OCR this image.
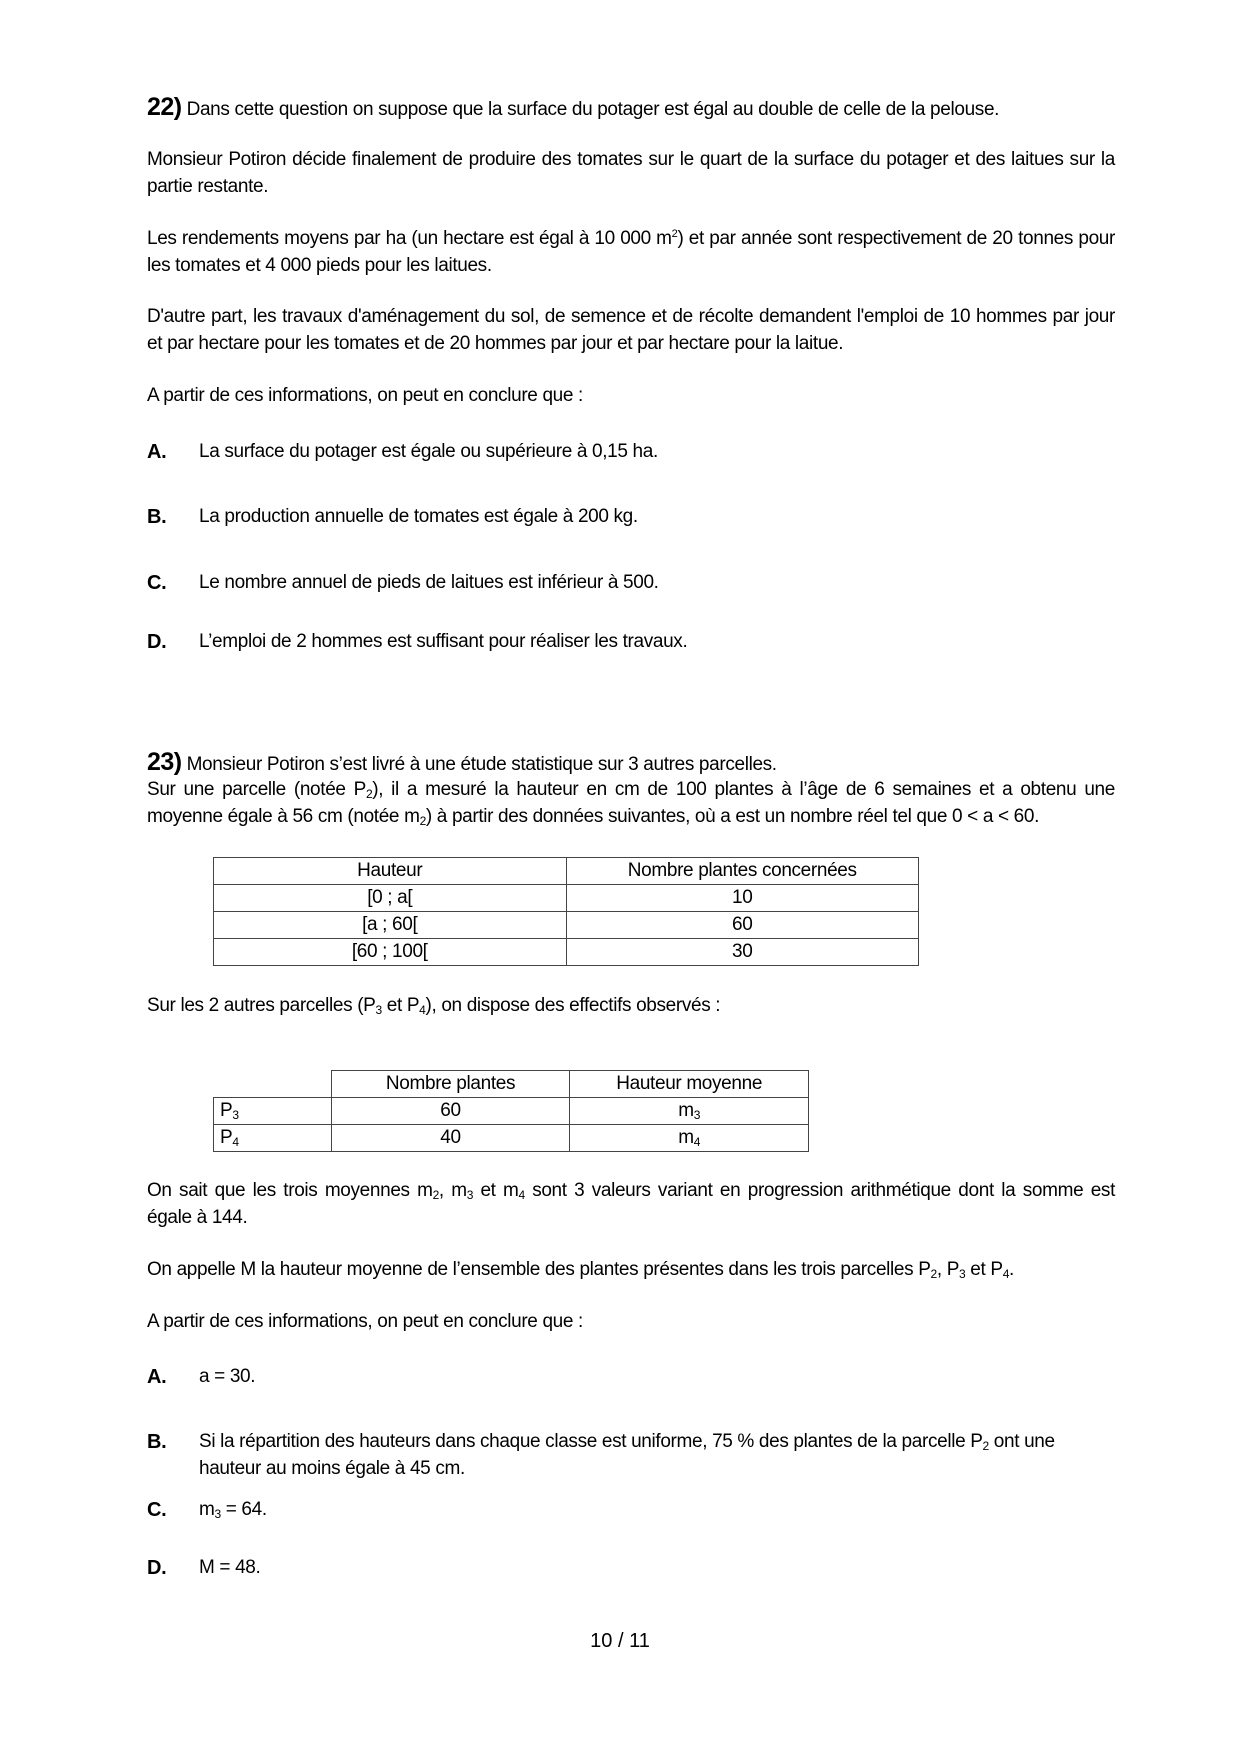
22) Dans cette question on suppose que la surface du potager est égal au double de celle de la pelouse.
Monsieur Potiron décide finalement de produire des tomates sur le quart de la surface du potager et des laitues sur la partie restante.
Les rendements moyens par ha (un hectare est égal à 10 000 $m^2$) et par année sont respectivement de 20 tonnes pour les tomates et 4 000 pieds pour les laitues.
D'autre part, les travaux d'aménagement du sol, de semence et de récolte demandent l'emploi de 10 hommes par jour et par hectare pour les tomates et de 20 hommes par jour et par hectare pour la laitue.
A partir de ces informations, on peut en conclure que :
A. La surface du potager est égale ou supérieure à 0,15 ha.
B. La production annuelle de tomates est égale à 200 kg.
C. Le nombre annuel de pieds de laitues est inférieur à 500.
D. L’emploi de 2 hommes est suffisant pour réaliser les travaux.
23) Monsieur Potiron s’est livré à une étude statistique sur 3 autres parcelles.
Sur une parcelle (notée $P_2$), il a mesuré la hauteur en cm de 100 plantes à l’âge de 6 semaines et a obtenu une moyenne égale à 56 cm (notée $m_2$) à partir des données suivantes, où a est un nombre réel tel que 0 < a < 60.
Hauteur	Nombre plantes concernées
[0 ; a[	10
[a ; 60[	60
[60 ; 100[	30
Sur les 2 autres parcelles ($P_3$ et $P_4$), on dispose des effectifs observés :
	Nombre plantes	Hauteur moyenne
$P_3$	60	$m_3$
$P_4$	40	$m_4$
On sait que les trois moyennes $m_2$, $m_3$ et $m_4$ sont 3 valeurs variant en progression arithmétique dont la somme est égale à 144.
On appelle M la hauteur moyenne de l’ensemble des plantes présentes dans les trois parcelles $P_2$, $P_3$ et $P_4$.
A partir de ces informations, on peut en conclure que :
A. a = 30.
B. Si la répartition des hauteurs dans chaque classe est uniforme, 75 % des plantes de la parcelle $P_2$ ont une hauteur au moins égale à 45 cm.
C. $m_3 = 64$.
D. M = 48.
10 / 11
